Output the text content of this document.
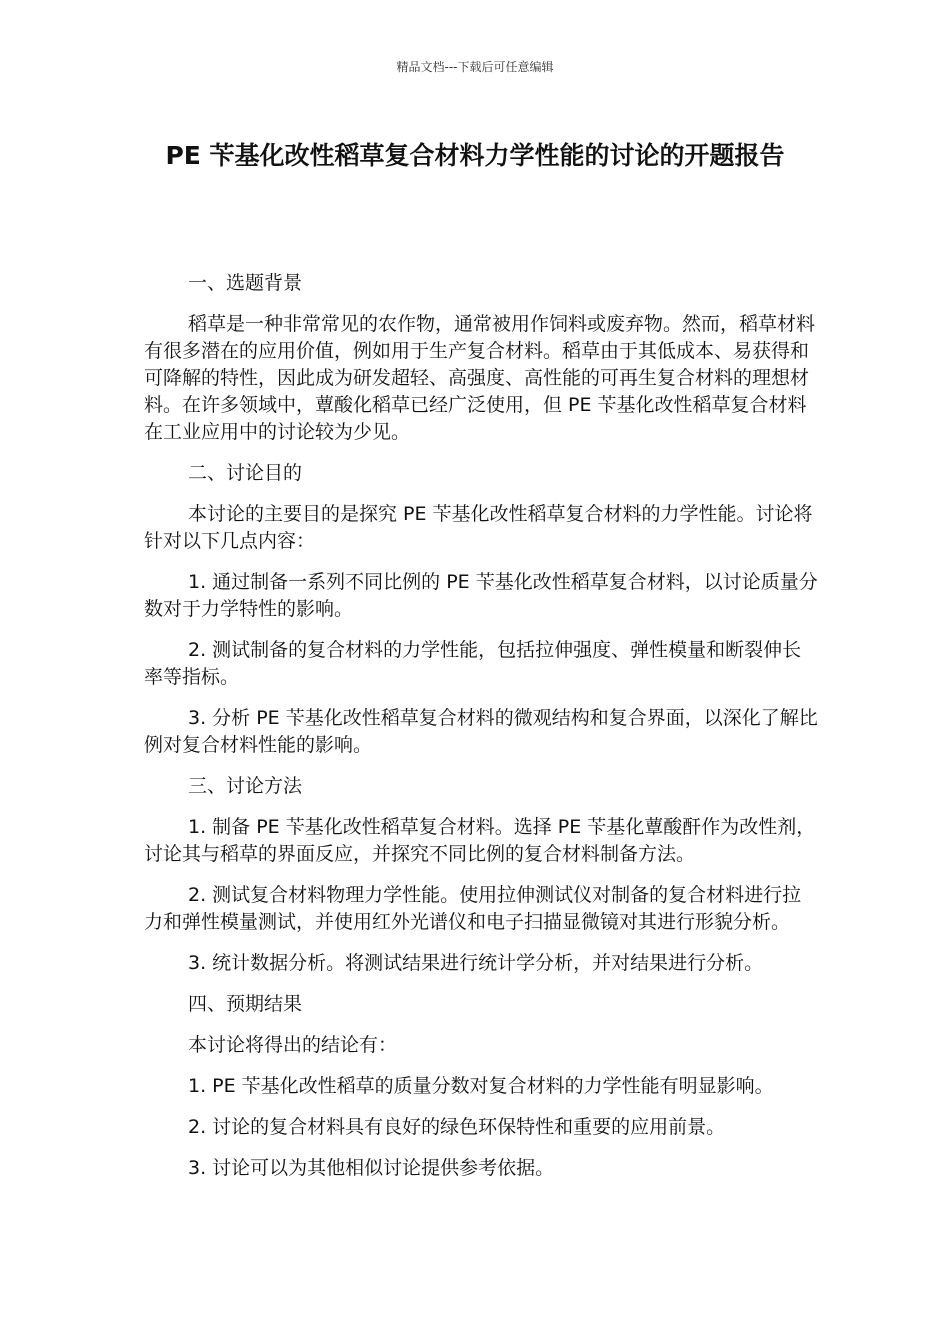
精品文档---下载后可任意编辑
PE 苄基化改性稻草复合材料力学性能的讨论的开题报告

一、选题背景

稻草是一种非常常见的农作物，通常被用作饲料或废弃物。然而，稻草材料有很多潜在的应用价值，例如用于生产复合材料。稻草由于其低成本、易获得和可降解的特性，因此成为研发超轻、高强度、高性能的可再生复合材料的理想材料。在许多领域中，蕈酸化稻草已经广泛使用，但 PE 苄基化改性稻草复合材料在工业应用中的讨论较为少见。

二、讨论目的

本讨论的主要目的是探究 PE 苄基化改性稻草复合材料的力学性能。讨论将针对以下几点内容：

1. 通过制备一系列不同比例的 PE 苄基化改性稻草复合材料，以讨论质量分数对于力学特性的影响。

2. 测试制备的复合材料的力学性能，包括拉伸强度、弹性模量和断裂伸长率等指标。

3. 分析 PE 苄基化改性稻草复合材料的微观结构和复合界面，以深化了解比例对复合材料性能的影响。

三、讨论方法

1. 制备 PE 苄基化改性稻草复合材料。选择 PE 苄基化蕈酸酐作为改性剂，讨论其与稻草的界面反应，并探究不同比例的复合材料制备方法。

2. 测试复合材料物理力学性能。使用拉伸测试仪对制备的复合材料进行拉力和弹性模量测试，并使用红外光谱仪和电子扫描显微镜对其进行形貌分析。

3. 统计数据分析。将测试结果进行统计学分析，并对结果进行分析。

四、预期结果

本讨论将得出的结论有：

1. PE 苄基化改性稻草的质量分数对复合材料的力学性能有明显影响。

2. 讨论的复合材料具有良好的绿色环保特性和重要的应用前景。

3. 讨论可以为其他相似讨论提供参考依据。
